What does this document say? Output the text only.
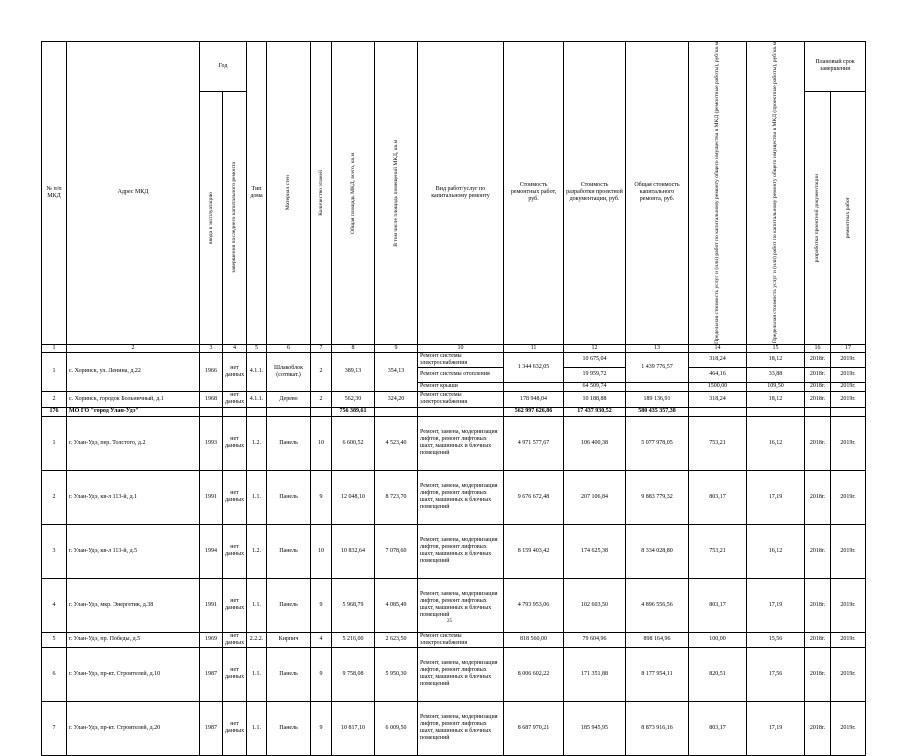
№ п/п МКД	Адрес МКД	Год		Тип дома	Материал стен	Количество этажей	Общая площадь МКД, всего, кв.м	В том числе площадь помещений МКД, кв.м	Вид работ/услуг по капитальному ремонту	Стоимость ремонтных работ, руб.	Стоимость разработки проектной документации, руб.	Общая стоимость капитального ремонта, руб.	Предельная стоимость услуг и (или) работ по капитальному ремонту общего имущества в МКД (ремонтные работы), руб/кв.м	Предельная стоимость услуг и (или) работ по капитальному ремонту общего имущества в МКД (проектные работы), руб/кв.м	Плановый срок завершения	

		ввода в эксплуатацию	завершения последнего капитального ремонта												разработки проектной документации	ремонтных работ

1	2	3	4	5	6	7	8	9	10	11	12	13	14	15	16	17
1	с. Хоринск, ул. Ленина, д.22	1966	нет данных	4.1.1.	Шлакоблок (сотпкат.)	2	389,13	354,13	Ремонт системы электроснабжения	1 344 632,05	10 675,04	1 439 776,57	318,24	18,12	2018г.	2019г.
									Ремонт системы отопления		19 959,72		464,16	33,88	2018г.	2019г.
									Ремонт крыши		64 509,74		1500,00	109,50	2018г.	2019г.
2	с. Хоринск, городок Больничный, д.1	1968	нет данных	4.1.1.	Дерево	2	562,30	324,20	Ремонт системы электроснабжения	178 948,04	10 188,88	189 136,91	318,24	18,12	2018г.	2019г.
176	МО ГО "город Улан-Удэ"						756 389,61			562 997 626,86	17 437 930,52	580 435 357,38				
1	г. Улан-Удэ, пер. Толстого, д.2	1993	нет данных	1.2.	Панель	10	6 600,52	4 523,40	Ремонт, замена, модернизация лифтов, ремонт лифтовых шахт, машинных и блочных помещений	4 971 577,67	106 400,38	5 077 978,05	753,21	16,12	2018г.	2019г.
2	г. Улан-Удэ, кв-л 113-й, д.1	1991	нет данных	1.1.	Панель	9	12 048,10	8 723,70	Ремонт, замена, модернизация лифтов, ремонт лифтовых шахт, машинных и блочных помещений	9 676 672,48	207 106,84	9 883 779,32	803,17	17,19	2018г.	2019г.
3	г. Улан-Удэ, кв-л 113-й, д.5	1994	нет данных	1.2.	Панель	10	10 832,64	7 078,60	Ремонт, замена, модернизация лифтов, ремонт лифтовых шахт, машинных и блочных помещений	8 159 403,42	174 625,38	8 334 028,80	753,21	16,12	2018г.	2019г.
4	г. Улан-Удэ, мкр. Энергетик, д.38	1991	нет данных	1.1.	Панель	9	5 968,79	4 085,49	Ремонт, замена, модернизация лифтов, ремонт лифтовых шахт, машинных и блочных помещений	4 793 953,06	102 603,50	4 896 556,56	803,17	17,19	2018г.	2019г.
5	г. Улан-Удэ, пр. Победы, д.5	1969	нет данных	2.2.2.	Кирпич	4	5 216,00	2 623,50	Ремонт системы электроснабжения	818 560,00	79 604,96	898 164,96	100,00	15,56	2018г.	2019г.
6	г. Улан-Удэ, пр-кт. Строителей, д.10	1987	нет данных	1.1.	Панель	9	9 758,08	5 950,30	Ремонт, замена, модернизация лифтов, ремонт лифтовых шахт, машинных и блочных помещений	8 006 602,22	171 351,88	8 177 954,11	820,51	17,56	2018г.	2019г.
7	г. Улан-Удэ, пр-кт. Строителей, д.20	1987	нет данных	1.1.	Панель	9	10 817,10	6 009,50	Ремонт, замена, модернизация лифтов, ремонт лифтовых шахт, машинных и блочных помещений	8 687 970,21	185 945,95	8 873 916,16	803,17	17,19	2018г.	2019г.
25
